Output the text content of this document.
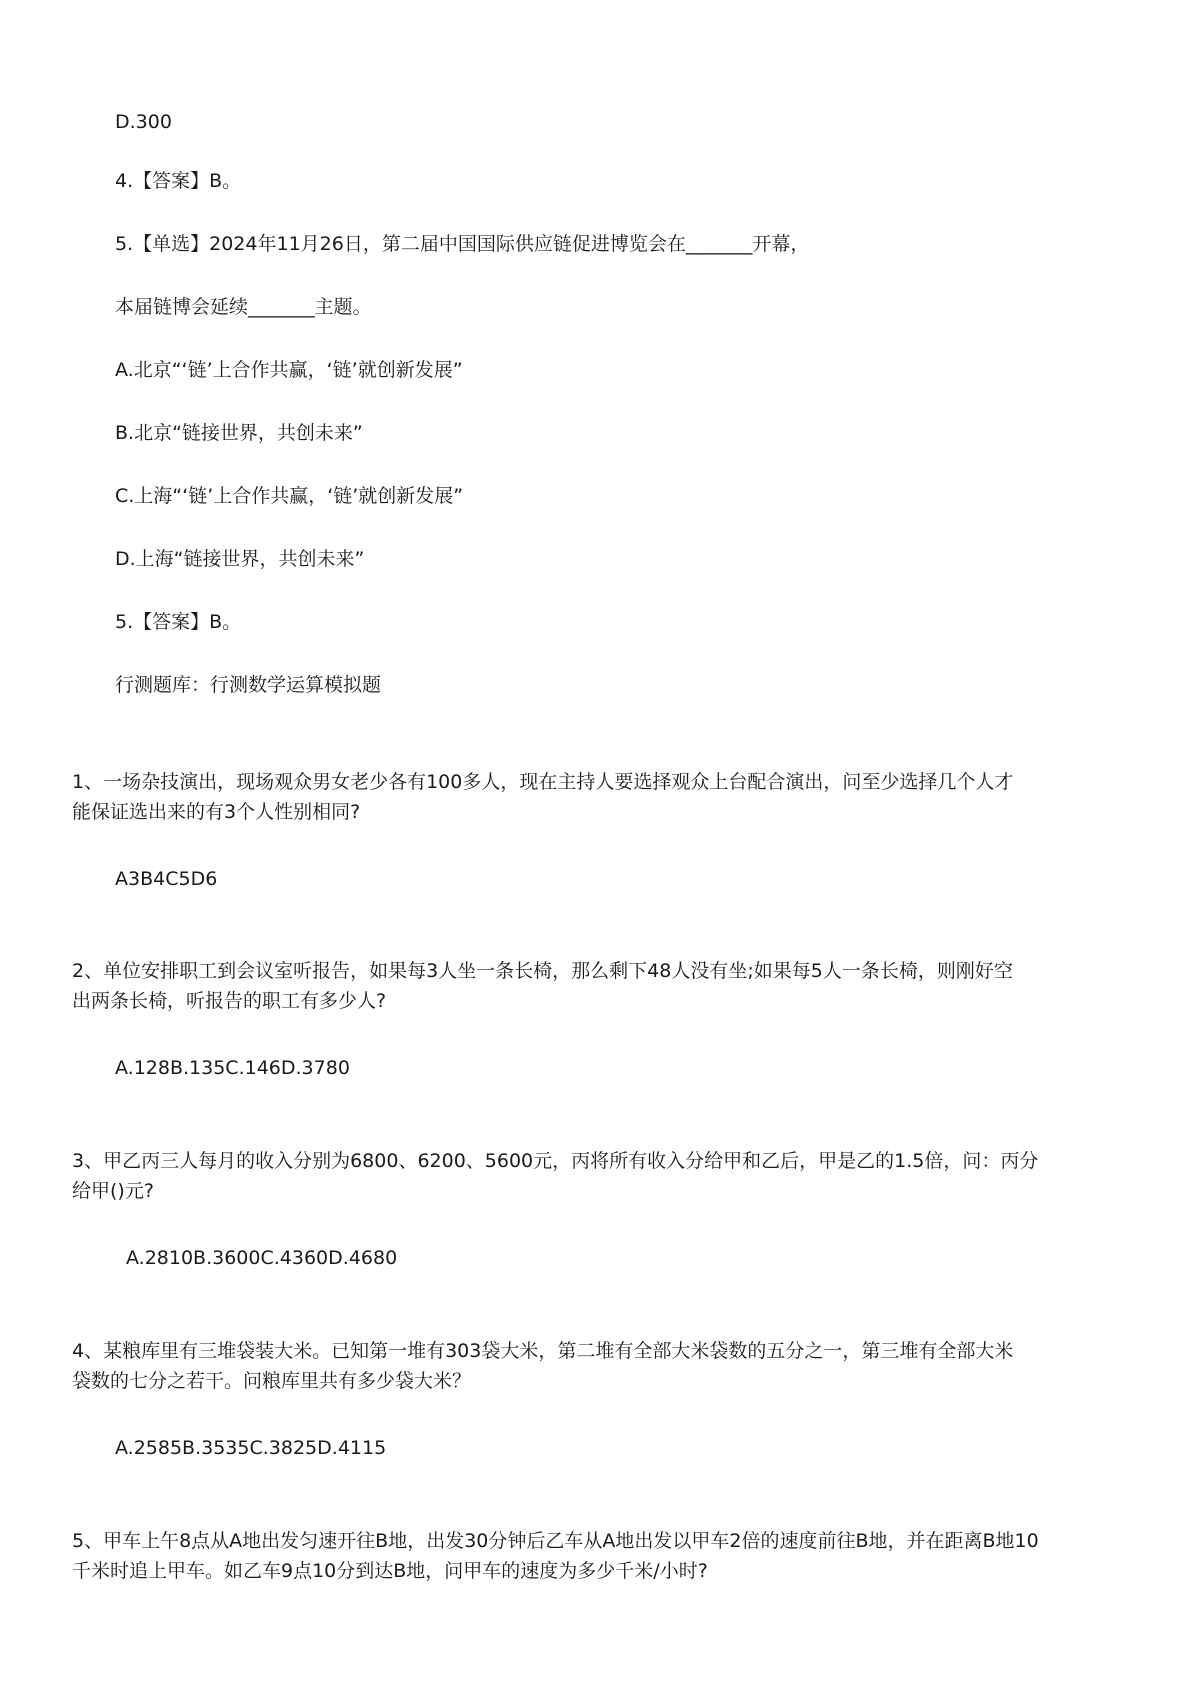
D.300
4.【答案】B。
5.【单选】2024年11月26日，第二届中国国际供应链促进博览会在_______开幕，
本届链博会延续_______主题。
A.北京“‘链’上合作共赢，‘链’就创新发展”
B.北京“链接世界，共创未来”
C.上海“‘链’上合作共赢，‘链’就创新发展”
D.上海“链接世界，共创未来”
5.【答案】B。
行测题库：行测数学运算模拟题
1、一场杂技演出，现场观众男女老少各有100多人，现在主持人要选择观众上台配合演出，问至少选择几个人才
能保证选出来的有3个人性别相同?
A3B4C5D6
2、单位安排职工到会议室听报告，如果每3人坐一条长椅，那么剩下48人没有坐;如果每5人一条长椅，则刚好空
出两条长椅，听报告的职工有多少人?
A.128B.135C.146D.3780
3、甲乙丙三人每月的收入分别为6800、6200、5600元，丙将所有收入分给甲和乙后，甲是乙的1.5倍，问：丙分
给甲()元?
A.2810B.3600C.4360D.4680
4、某粮库里有三堆袋装大米。已知第一堆有303袋大米，第二堆有全部大米袋数的五分之一，第三堆有全部大米
袋数的七分之若干。问粮库里共有多少袋大米？
A.2585B.3535C.3825D.4115
5、甲车上午8点从A地出发匀速开往B地，出发30分钟后乙车从A地出发以甲车2倍的速度前往B地，并在距离B地10
千米时追上甲车。如乙车9点10分到达B地，问甲车的速度为多少千米/小时?
